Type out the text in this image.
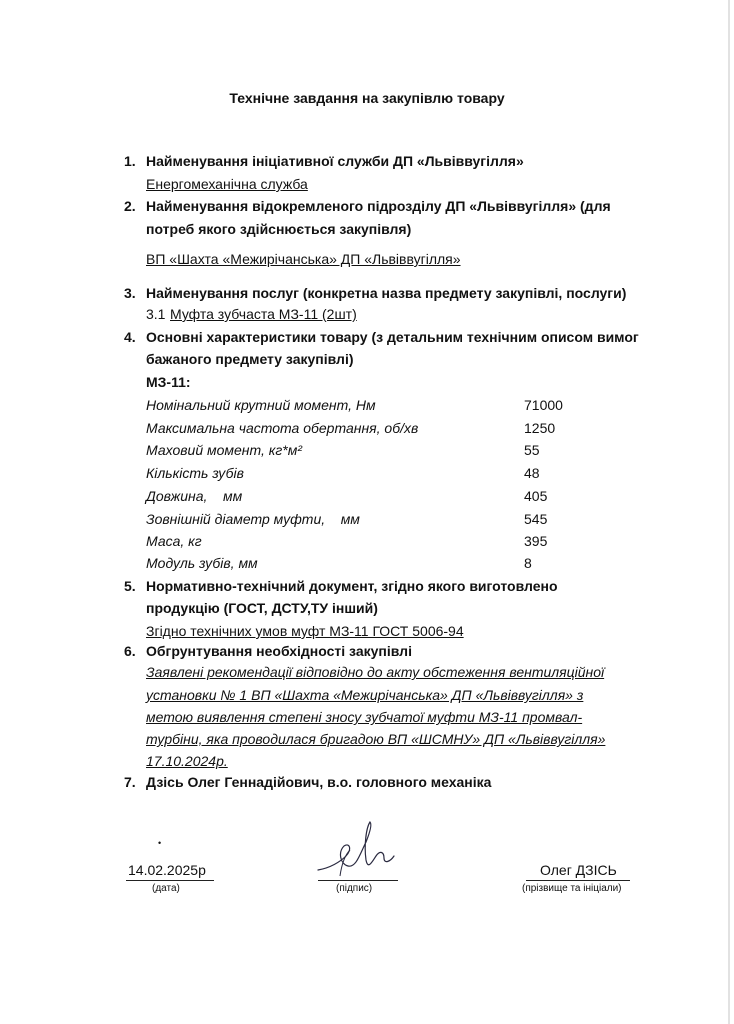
Технічне завдання на закупівлю товару
1. Найменування ініціативної служби ДП «Львіввугілля»
Енергомеханічна служба
2. Найменування відокремленого підрозділу ДП «Львіввугілля» (для
потреб якого здійснюється закупівля)
ВП «Шахта «Межирічанська» ДП «Львіввугілля»
3. Найменування послуг (конкретна назва предмету закупівлі, послуги)
3.1 Муфта зубчаста МЗ-11 (2шт)
4. Основні характеристики товару (з детальним технічним описом вимог
бажаного предмету закупівлі)
МЗ-11:
Номінальний крутний момент, Нм	71000
Максимальна частота обертання, об/хв	1250
Маховий момент, кг*м²	55
Кількість зубів	48
Довжина,    мм	405
Зовнішній діаметр муфти,    мм	545
Маса, кг	395
Модуль зубів, мм	8
5. Нормативно-технічний документ, згідно якого виготовлено
продукцію (ГОСТ, ДСТУ,ТУ інший)
Згідно технічних умов муфт МЗ-11 ГОСТ 5006-94
6. Обгрунтування необхідності закупівлі
Заявлені рекомендації відповідно до акту обстеження вентиляційної
установки № 1 ВП «Шахта «Межирічанська» ДП «Львіввугілля» з
метою виявлення степені зносу зубчатої муфти МЗ-11 промвал-
турбіни, яка проводилася бригадою ВП «ШСМНУ» ДП «Львіввугілля»
17.10.2024р.
7. Дзісь Олег Геннадійович, в.о. головного механіка
•
14.02.2025р
(дата)	(підпис)
Олег ДЗІСЬ
(прізвище та ініціали)
